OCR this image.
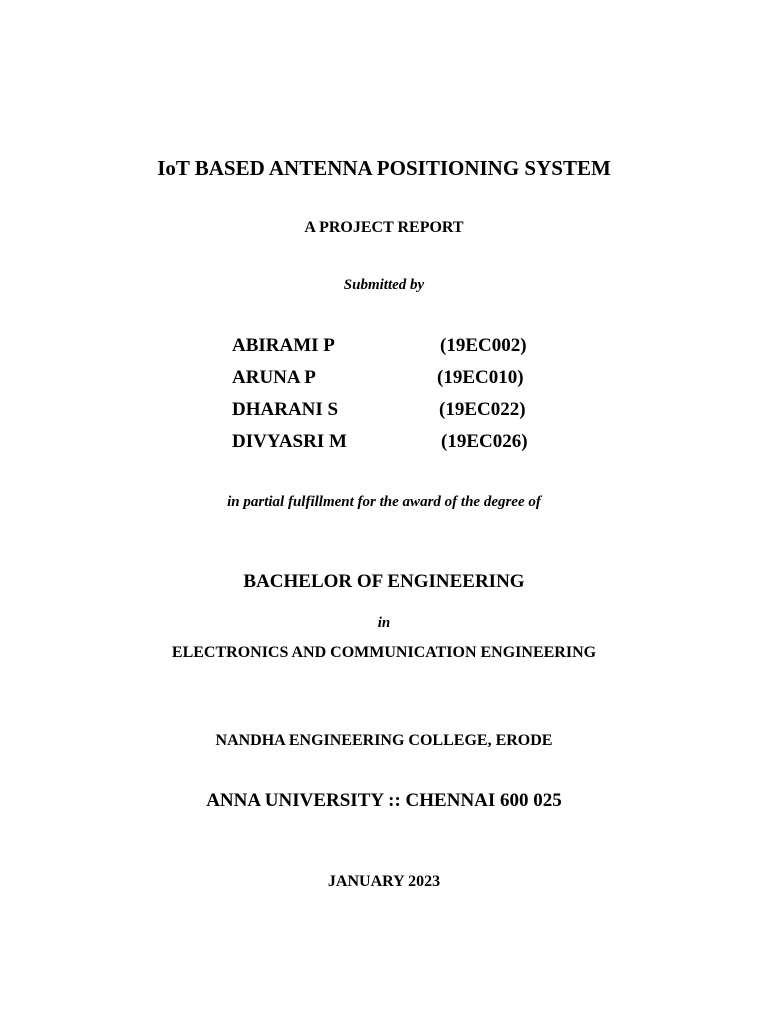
IoT BASED ANTENNA POSITIONING SYSTEM
A PROJECT REPORT
Submitted by
ABIRAMI P	(19EC002)
ARUNA P	(19EC010)
DHARANI S	(19EC022)
DIVYASRI M	(19EC026)
in partial fulfillment for the award of the degree of
BACHELOR OF ENGINEERING
in
ELECTRONICS AND COMMUNICATION ENGINEERING
NANDHA ENGINEERING COLLEGE, ERODE
ANNA UNIVERSITY :: CHENNAI 600 025
JANUARY 2023
